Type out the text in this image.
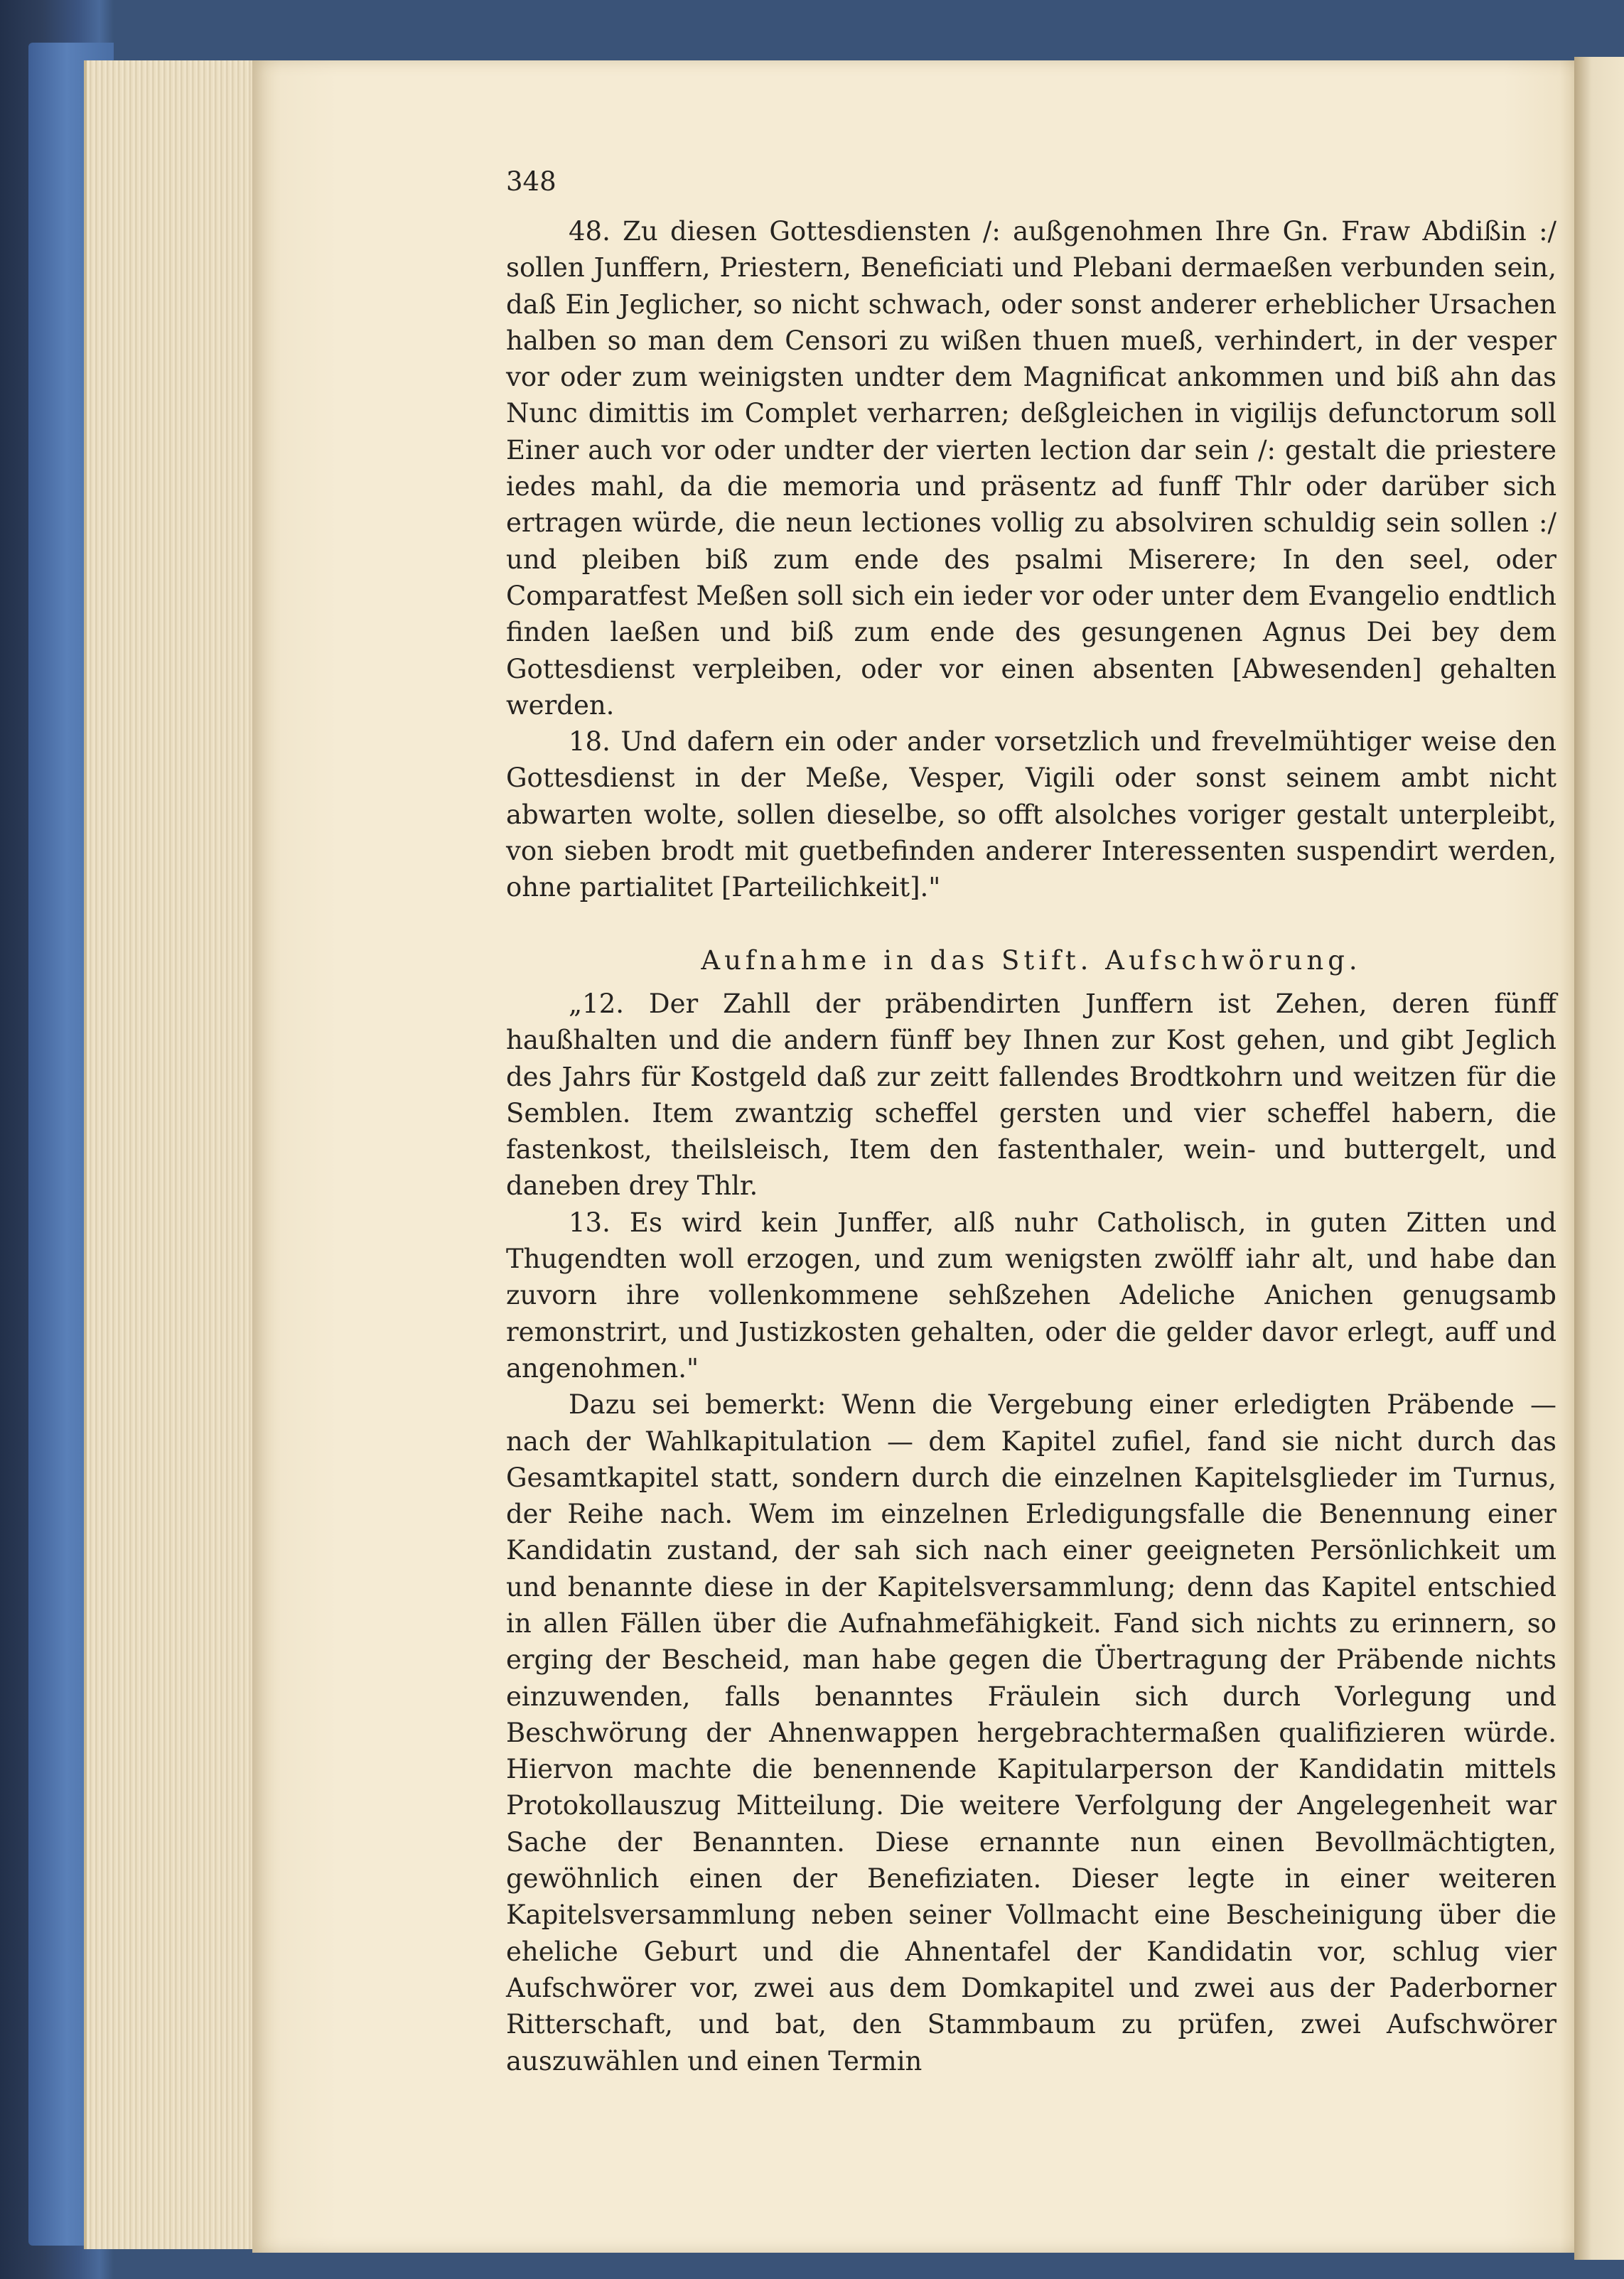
348

48. Zu diesen Gottesdiensten /: außgenohmen Ihre Gn. Fraw Abdißin :/ sollen Junffern, Priestern, Beneficiati und Plebani dermaeßen verbunden sein, daß Ein Jeglicher, so nicht schwach, oder sonst anderer erheblicher Ursachen halben so man dem Censori zu wißen thuen mueß, verhindert, in der vesper vor oder zum weinigsten undter dem Magnificat ankommen und biß ahn das Nunc dimittis im Complet verharren; deßgleichen in vigilijs defunctorum soll Einer auch vor oder undter der vierten lection dar sein /: gestalt die priestere iedes mahl, da die memoria und präsentz ad funff Thlr oder darüber sich ertragen würde, die neun lectiones vollig zu absolviren schuldig sein sollen :/ und pleiben biß zum ende des psalmi Miserere; In den seel, oder Comparatfest Meßen soll sich ein ieder vor oder unter dem Evangelio endtlich finden laeßen und biß zum ende des gesungenen Agnus Dei bey dem Gottesdienst verpleiben, oder vor einen absenten [Abwesenden] gehalten werden.

18. Und dafern ein oder ander vorsetzlich und frevelmühtiger weise den Gottesdienst in der Meße, Vesper, Vigili oder sonst seinem ambt nicht abwarten wolte, sollen dieselbe, so offt alsolches voriger gestalt unterpleibt, von sieben brodt mit guetbefinden anderer Interessenten suspendirt werden, ohne partialitet [Parteilichkeit]."

Aufnahme in das Stift. Aufschwörung.

„12. Der Zahll der präbendirten Junffern ist Zehen, deren fünff haußhalten und die andern fünff bey Ihnen zur Kost gehen, und gibt Jeglich des Jahrs für Kostgeld daß zur zeitt fallendes Brodtkohrn und weitzen für die Semblen. Item zwantzig scheffel gersten und vier scheffel habern, die fastenkost, theilsleisch, Item den fastenthaler, wein- und buttergelt, und daneben drey Thlr.

13. Es wird kein Junffer, alß nuhr Catholisch, in guten Zitten und Thugendten woll erzogen, und zum wenigsten zwölff iahr alt, und habe dan zuvorn ihre vollenkommene sehßzehen Adeliche Anichen genugsamb remonstrirt, und Justizkosten gehalten, oder die gelder davor erlegt, auff und angenohmen."

Dazu sei bemerkt: Wenn die Vergebung einer erledigten Präbende — nach der Wahlkapitulation — dem Kapitel zufiel, fand sie nicht durch das Gesamtkapitel statt, sondern durch die einzelnen Kapitelsglieder im Turnus, der Reihe nach. Wem im einzelnen Erledigungsfalle die Benennung einer Kandidatin zustand, der sah sich nach einer geeigneten Persönlichkeit um und benannte diese in der Kapitelsversammlung; denn das Kapitel entschied in allen Fällen über die Aufnahmefähigkeit. Fand sich nichts zu erinnern, so erging der Bescheid, man habe gegen die Übertragung der Präbende nichts einzuwenden, falls benanntes Fräulein sich durch Vorlegung und Beschwörung der Ahnenwappen hergebrachtermaßen qualifizieren würde. Hiervon machte die benennende Kapitularperson der Kandidatin mittels Protokollauszug Mitteilung. Die weitere Verfolgung der Angelegenheit war Sache der Benannten. Diese ernannte nun einen Bevollmächtigten, gewöhnlich einen der Benefiziaten. Dieser legte in einer weiteren Kapitelsversammlung neben seiner Vollmacht eine Bescheinigung über die eheliche Geburt und die Ahnentafel der Kandidatin vor, schlug vier Aufschwörer vor, zwei aus dem Domkapitel und zwei aus der Paderborner Ritterschaft, und bat, den Stammbaum zu prüfen, zwei Aufschwörer auszuwählen und einen Termin
